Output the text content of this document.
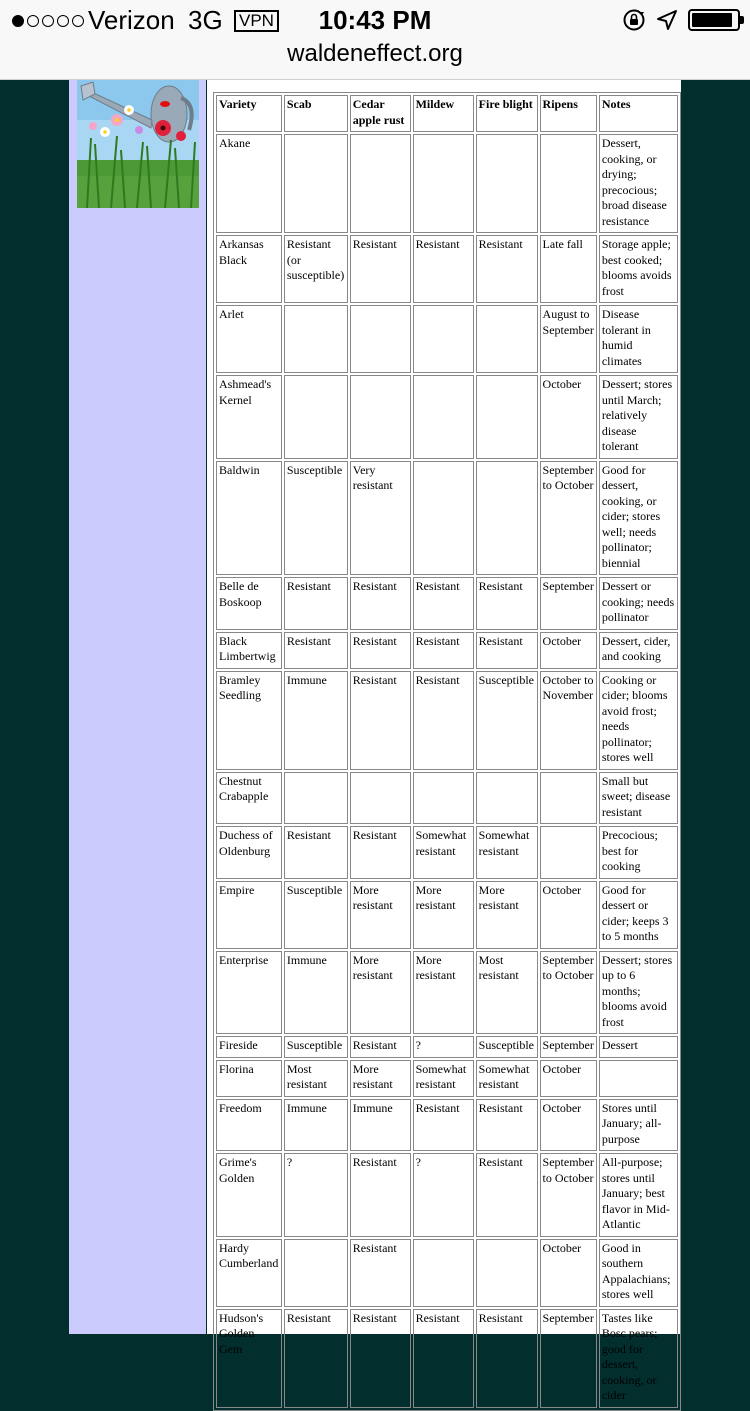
Verizon 3G VPN	10:43 PM
waldeneffect.org
Variety	Scab	Cedar apple rust	Mildew	Fire blight	Ripens	Notes
Akane						Dessert, cooking, or drying; precocious; broad disease resistance
Arkansas Black	Resistant (or susceptible)	Resistant	Resistant	Resistant	Late fall	Storage apple; best cooked; blooms avoids frost
Arlet					August to September	Disease tolerant in humid climates
Ashmead's Kernel					October	Dessert; stores until March; relatively disease tolerant
Baldwin	Susceptible	Very resistant			September to October	Good for dessert, cooking, or cider; stores well; needs pollinator; biennial
Belle de Boskoop	Resistant	Resistant	Resistant	Resistant	September	Dessert or cooking; needs pollinator
Black Limbertwig	Resistant	Resistant	Resistant	Resistant	October	Dessert, cider, and cooking
Bramley Seedling	Immune	Resistant	Resistant	Susceptible	October to November	Cooking or cider; blooms avoid frost; needs pollinator; stores well
Chestnut Crabapple						Small but sweet; disease resistant
Duchess of Oldenburg	Resistant	Resistant	Somewhat resistant	Somewhat resistant		Precocious; best for cooking
Empire	Susceptible	More resistant	More resistant	More resistant	October	Good for dessert or cider; keeps 3 to 5 months
Enterprise	Immune	More resistant	More resistant	Most resistant	September to October	Dessert; stores up to 6 months; blooms avoid frost
Fireside	Susceptible	Resistant	?	Susceptible	September	Dessert
Florina	Most resistant	More resistant	Somewhat resistant	Somewhat resistant	October	
Freedom	Immune	Immune	Resistant	Resistant	October	Stores until January; all-purpose
Grime's Golden	?	Resistant	?	Resistant	September to October	All-purpose; stores until January; best flavor in Mid-Atlantic
Hardy Cumberland		Resistant			October	Good in southern Appalachians; stores well
Hudson's Golden Gem	Resistant	Resistant	Resistant	Resistant	September	Tastes like Bosc pears; good for dessert, cooking, or cider
